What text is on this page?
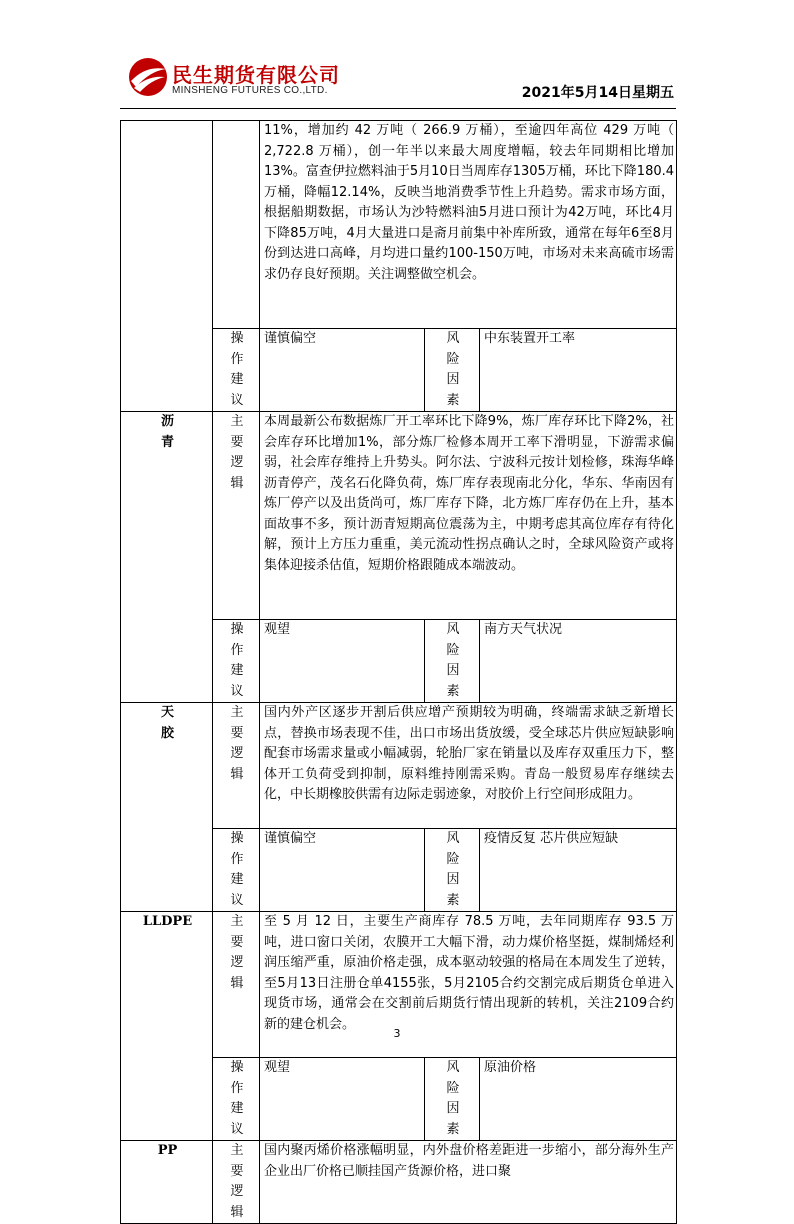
民生期货有限公司
MINSHENG FUTURES CO.,LTD.	2021年5月14日星期五
		11%，增加约 42 万吨（ 266.9 万桶），至逾四年高位 429 万吨（ 2,722.8 万桶），创一年半以来最大周度增幅，较去年同期相比增加 13%。富查伊拉燃料油于5月10日当周库存1305万桶，环比下降180.4万桶，降幅12.14%，反映当地消费季节性上升趋势。需求市场方面，根据船期数据，市场认为沙特燃料油5月进口预计为42万吨，环比4月下降85万吨，4月大量进口是斋月前集中补库所致，通常在每年6至8月份到达进口高峰，月均进口量约100-150万吨，市场对未来高硫市场需求仍存良好预期。关注调整做空机会。		
	操作建议	谨慎偏空	风险因素	中东装置开工率
沥青	主要逻辑	本周最新公布数据炼厂开工率环比下降9%，炼厂库存环比下降2%，社会库存环比增加1%，部分炼厂检修本周开工率下滑明显，下游需求偏弱，社会库存维持上升势头。阿尔法、宁波科元按计划检修，珠海华峰沥青停产，茂名石化降负荷，炼厂库存表现南北分化，华东、华南因有炼厂停产以及出货尚可，炼厂库存下降，北方炼厂库存仍在上升，基本面故事不多，预计沥青短期高位震荡为主，中期考虑其高位库存有待化解，预计上方压力重重，美元流动性拐点确认之时，全球风险资产或将集体迎接杀估值，短期价格跟随成本端波动。		
	操作建议	观望	风险因素	南方天气状况
天胶	主要逻辑	国内外产区逐步开割后供应增产预期较为明确，终端需求缺乏新增长点，替换市场表现不佳，出口市场出货放缓，受全球芯片供应短缺影响配套市场需求量或小幅减弱，轮胎厂家在销量以及库存双重压力下，整体开工负荷受到抑制，原料维持刚需采购。青岛一般贸易库存继续去化，中长期橡胶供需有边际走弱迹象，对胶价上行空间形成阻力。		
	操作建议	谨慎偏空	风险因素	疫情反复 芯片供应短缺
LLDPE	主要逻辑	至 5 月 12 日，主要生产商库存 78.5 万吨，去年同期库存 93.5 万吨，进口窗口关闭，农膜开工大幅下滑，动力煤价格坚挺，煤制烯烃利润压缩严重，原油价格走强，成本驱动较强的格局在本周发生了逆转，至5月13日注册仓单4155张，5月2105合约交割完成后期货仓单进入现货市场，通常会在交割前后期货行情出现新的转机，关注2109合约新的建仓机会。		
	操作建议	观望	风险因素	原油价格
PP	主要逻辑	国内聚丙烯价格涨幅明显，内外盘价格差距进一步缩小，部分海外生产企业出厂价格已顺挂国产货源价格，进口聚		
3
